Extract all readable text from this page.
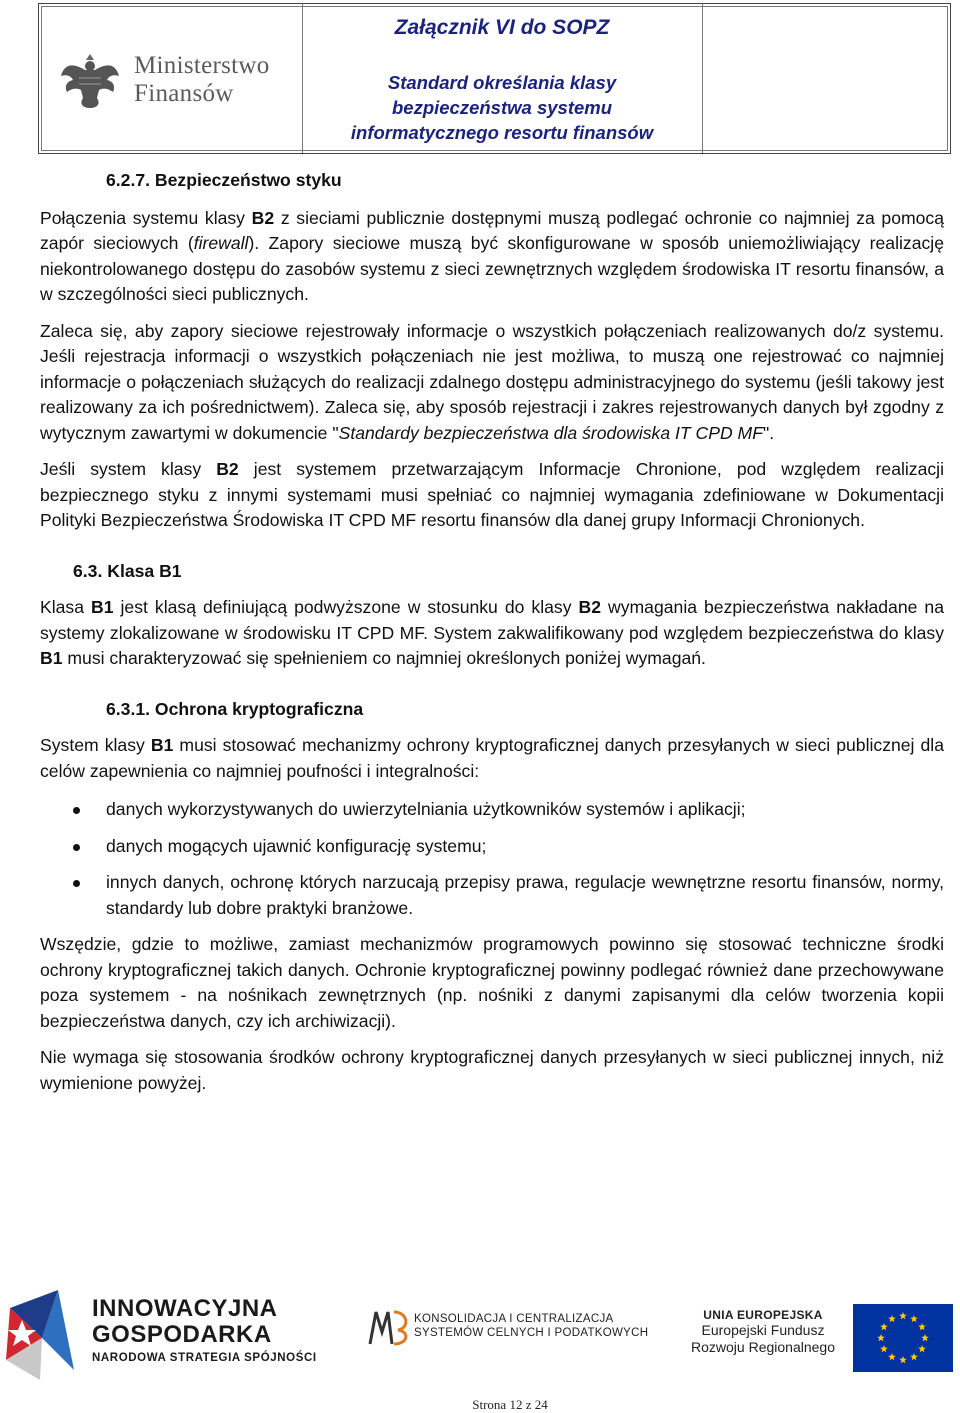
Ministerstwo
Finansów

Załącznik VI do SOPZ

Standard określania klasy
bezpieczeństwa systemu
informatycznego resortu finansów

6.2.7. Bezpieczeństwo styku

Połączenia systemu klasy B2 z sieciami publicznie dostępnymi muszą podlegać ochronie co najmniej za pomocą zapór sieciowych (firewall). Zapory sieciowe muszą być skonfigurowane w sposób uniemożliwiający realizację niekontrolowanego dostępu do zasobów systemu z sieci zewnętrznych względem środowiska IT resortu finansów, a w szczególności sieci publicznych.

Zaleca się, aby zapory sieciowe rejestrowały informacje o wszystkich połączeniach realizowanych do/z systemu. Jeśli rejestracja informacji o wszystkich połączeniach nie jest możliwa, to muszą one rejestrować co najmniej informacje o połączeniach służących do realizacji zdalnego dostępu administracyjnego do systemu (jeśli takowy jest realizowany za ich pośrednictwem). Zaleca się, aby sposób rejestracji i zakres rejestrowanych danych był zgodny z wytycznym zawartymi w dokumencie "Standardy bezpieczeństwa dla środowiska IT CPD MF".

Jeśli system klasy B2 jest systemem przetwarzającym Informacje Chronione, pod względem realizacji bezpiecznego styku z innymi systemami musi spełniać co najmniej wymagania zdefiniowane w Dokumentacji Polityki Bezpieczeństwa Środowiska IT CPD MF resortu finansów dla danej grupy Informacji Chronionych.

6.3. Klasa B1

Klasa B1 jest klasą definiującą podwyższone w stosunku do klasy B2 wymagania bezpieczeństwa nakładane na systemy zlokalizowane w środowisku IT CPD MF. System zakwalifikowany pod względem bezpieczeństwa do klasy B1 musi charakteryzować się spełnieniem co najmniej określonych poniżej wymagań.

6.3.1. Ochrona kryptograficzna

System klasy B1 musi stosować mechanizmy ochrony kryptograficznej danych przesyłanych w sieci publicznej dla celów zapewnienia co najmniej poufności i integralności:

danych wykorzystywanych do uwierzytelniania użytkowników systemów i aplikacji;
danych mogących ujawnić konfigurację systemu;
innych danych, ochronę których narzucają przepisy prawa, regulacje wewnętrzne resortu finansów, normy, standardy lub dobre praktyki branżowe.

Wszędzie, gdzie to możliwe, zamiast mechanizmów programowych powinno się stosować techniczne środki ochrony kryptograficznej takich danych. Ochronie kryptograficznej powinny podlegać również dane przechowywane poza systemem - na nośnikach zewnętrznych (np. nośniki z danymi zapisanymi dla celów tworzenia kopii bezpieczeństwa danych, czy ich archiwizacji).

Nie wymaga się stosowania środków ochrony kryptograficznej danych przesyłanych w sieci publicznej innych, niż wymienione powyżej.

INNOWACYJNA
GOSPODARKA
NARODOWA STRATEGIA SPÓJNOŚCI
KONSOLIDACJA I CENTRALIZACJA
SYSTEMÓW CELNYCH I PODATKOWYCH
UNIA EUROPEJSKA
Europejski Fundusz
Rozwoju Regionalnego
Strona 12 z 24
